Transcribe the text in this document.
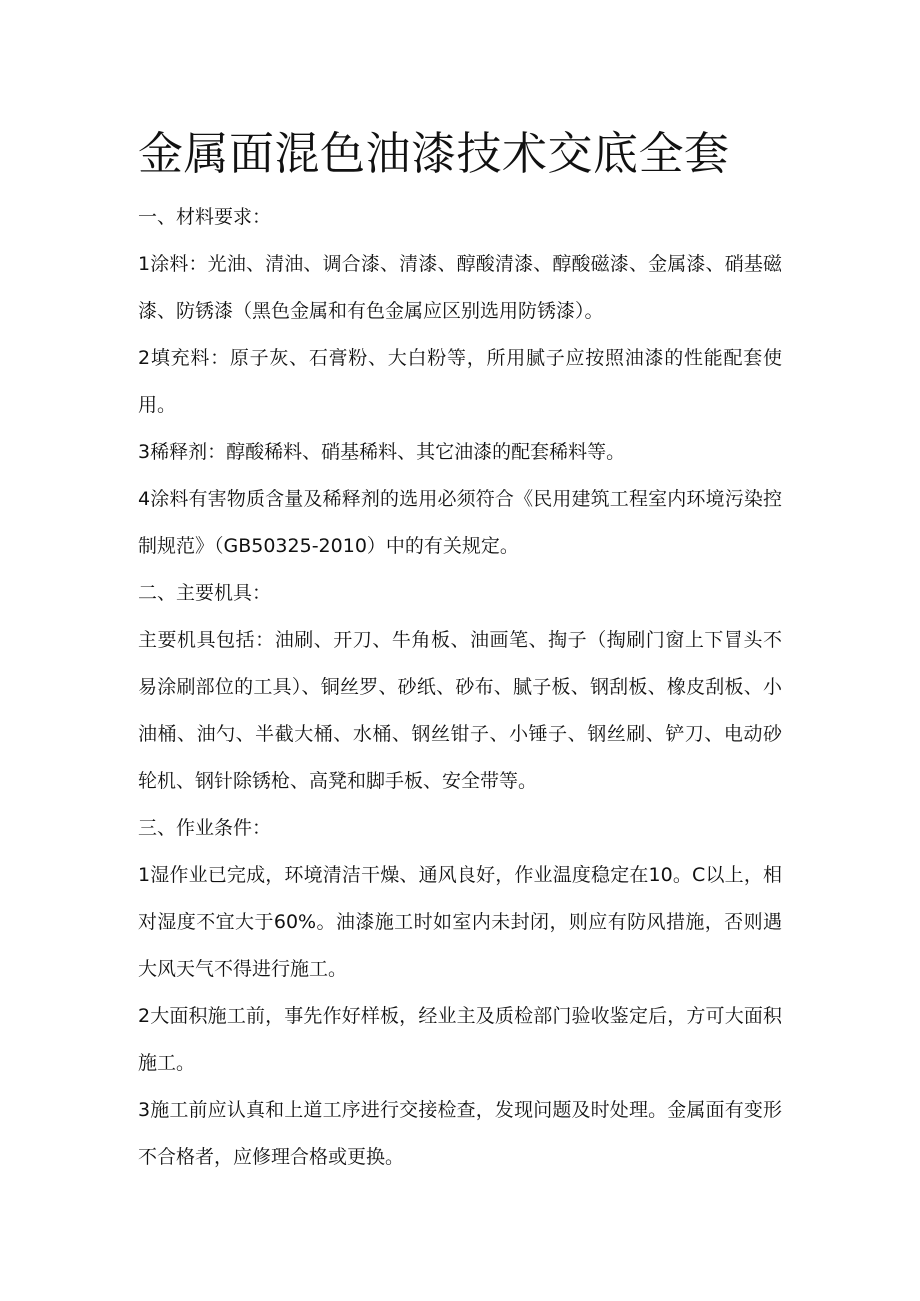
金属面混色油漆技术交底全套

一、材料要求：

1涂料：光油、清油、调合漆、清漆、醇酸清漆、醇酸磁漆、金属漆、硝基磁漆、防锈漆（黑色金属和有色金属应区别选用防锈漆）。

2填充料：原子灰、石膏粉、大白粉等，所用腻子应按照油漆的性能配套使用。

3稀释剂：醇酸稀料、硝基稀料、其它油漆的配套稀料等。

4涂料有害物质含量及稀释剂的选用必须符合《民用建筑工程室内环境污染控制规范》（GB50325-2010）中的有关规定。

二、主要机具：

主要机具包括：油刷、开刀、牛角板、油画笔、掏子（掏刷门窗上下冒头不易涂刷部位的工具）、铜丝罗、砂纸、砂布、腻子板、钢刮板、橡皮刮板、小油桶、油勺、半截大桶、水桶、钢丝钳子、小锤子、钢丝刷、铲刀、电动砂轮机、钢针除锈枪、高凳和脚手板、安全带等。

三、作业条件：

1湿作业已完成，环境清洁干燥、通风良好，作业温度稳定在10。C以上，相对湿度不宜大于60%。油漆施工时如室内未封闭，则应有防风措施，否则遇大风天气不得进行施工。

2大面积施工前，事先作好样板，经业主及质检部门验收鉴定后，方可大面积施工。

3施工前应认真和上道工序进行交接检查，发现问题及时处理。金属面有变形不合格者，应修理合格或更换。
